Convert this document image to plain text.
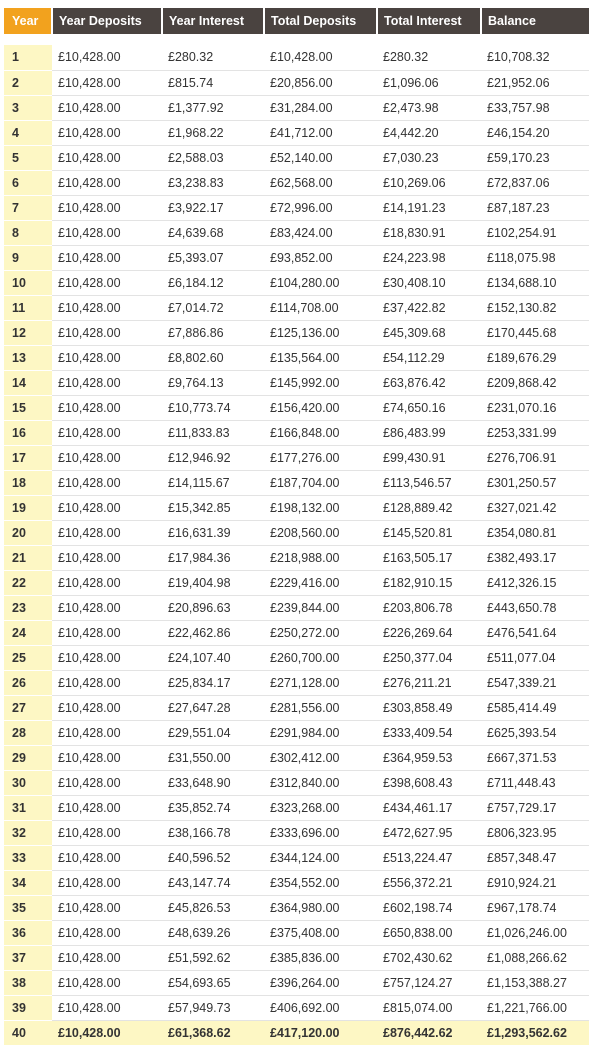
Year	Year Deposits	Year Interest	Total Deposits	Total Interest	Balance

1	£10,428.00	£280.32	£10,428.00	£280.32	£10,708.32
2	£10,428.00	£815.74	£20,856.00	£1,096.06	£21,952.06
3	£10,428.00	£1,377.92	£31,284.00	£2,473.98	£33,757.98
4	£10,428.00	£1,968.22	£41,712.00	£4,442.20	£46,154.20
5	£10,428.00	£2,588.03	£52,140.00	£7,030.23	£59,170.23
6	£10,428.00	£3,238.83	£62,568.00	£10,269.06	£72,837.06
7	£10,428.00	£3,922.17	£72,996.00	£14,191.23	£87,187.23
8	£10,428.00	£4,639.68	£83,424.00	£18,830.91	£102,254.91
9	£10,428.00	£5,393.07	£93,852.00	£24,223.98	£118,075.98
10	£10,428.00	£6,184.12	£104,280.00	£30,408.10	£134,688.10
11	£10,428.00	£7,014.72	£114,708.00	£37,422.82	£152,130.82
12	£10,428.00	£7,886.86	£125,136.00	£45,309.68	£170,445.68
13	£10,428.00	£8,802.60	£135,564.00	£54,112.29	£189,676.29
14	£10,428.00	£9,764.13	£145,992.00	£63,876.42	£209,868.42
15	£10,428.00	£10,773.74	£156,420.00	£74,650.16	£231,070.16
16	£10,428.00	£11,833.83	£166,848.00	£86,483.99	£253,331.99
17	£10,428.00	£12,946.92	£177,276.00	£99,430.91	£276,706.91
18	£10,428.00	£14,115.67	£187,704.00	£113,546.57	£301,250.57
19	£10,428.00	£15,342.85	£198,132.00	£128,889.42	£327,021.42
20	£10,428.00	£16,631.39	£208,560.00	£145,520.81	£354,080.81
21	£10,428.00	£17,984.36	£218,988.00	£163,505.17	£382,493.17
22	£10,428.00	£19,404.98	£229,416.00	£182,910.15	£412,326.15
23	£10,428.00	£20,896.63	£239,844.00	£203,806.78	£443,650.78
24	£10,428.00	£22,462.86	£250,272.00	£226,269.64	£476,541.64
25	£10,428.00	£24,107.40	£260,700.00	£250,377.04	£511,077.04
26	£10,428.00	£25,834.17	£271,128.00	£276,211.21	£547,339.21
27	£10,428.00	£27,647.28	£281,556.00	£303,858.49	£585,414.49
28	£10,428.00	£29,551.04	£291,984.00	£333,409.54	£625,393.54
29	£10,428.00	£31,550.00	£302,412.00	£364,959.53	£667,371.53
30	£10,428.00	£33,648.90	£312,840.00	£398,608.43	£711,448.43
31	£10,428.00	£35,852.74	£323,268.00	£434,461.17	£757,729.17
32	£10,428.00	£38,166.78	£333,696.00	£472,627.95	£806,323.95
33	£10,428.00	£40,596.52	£344,124.00	£513,224.47	£857,348.47
34	£10,428.00	£43,147.74	£354,552.00	£556,372.21	£910,924.21
35	£10,428.00	£45,826.53	£364,980.00	£602,198.74	£967,178.74
36	£10,428.00	£48,639.26	£375,408.00	£650,838.00	£1,026,246.00
37	£10,428.00	£51,592.62	£385,836.00	£702,430.62	£1,088,266.62
38	£10,428.00	£54,693.65	£396,264.00	£757,124.27	£1,153,388.27
39	£10,428.00	£57,949.73	£406,692.00	£815,074.00	£1,221,766.00
40	£10,428.00	£61,368.62	£417,120.00	£876,442.62	£1,293,562.62
